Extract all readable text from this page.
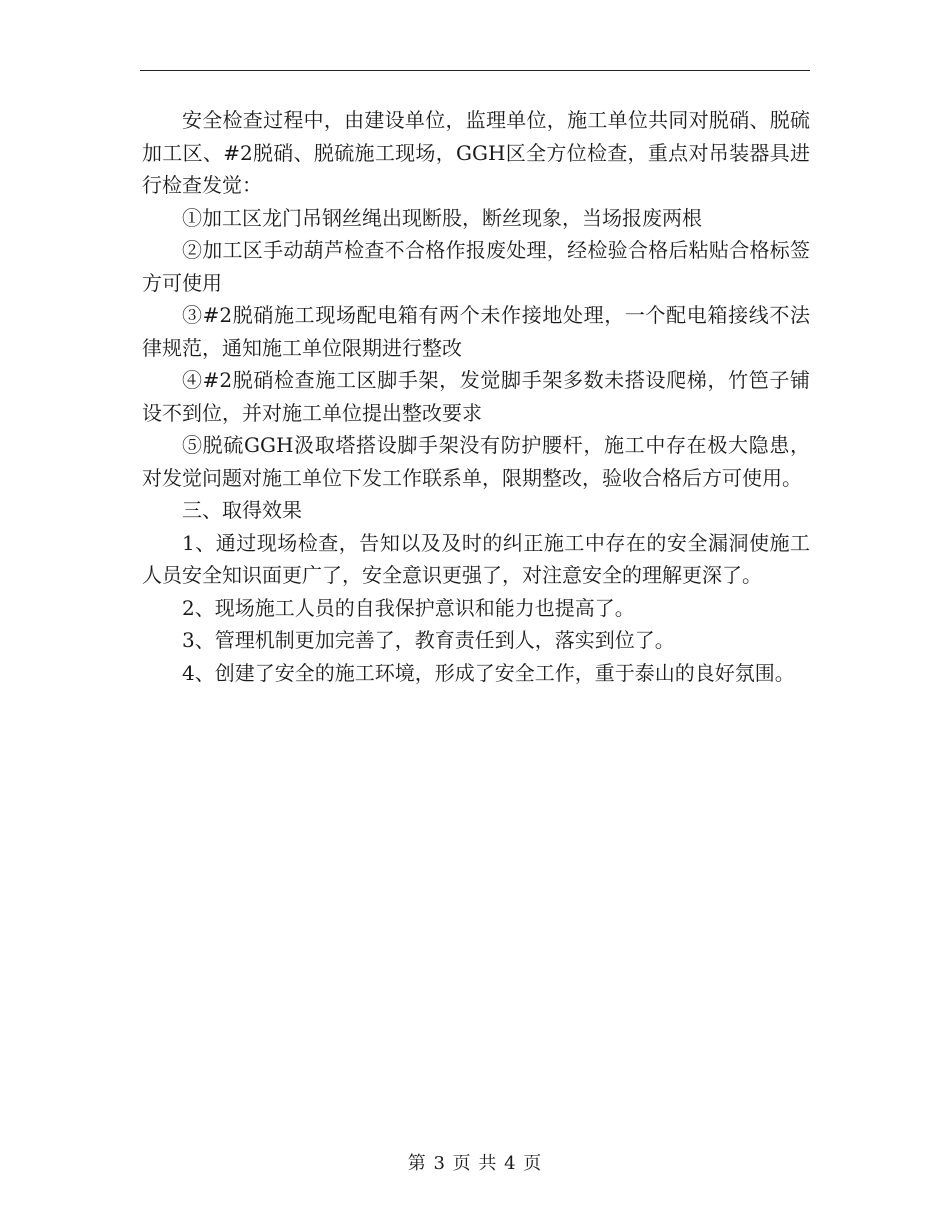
安全检查过程中，由建设单位，监理单位，施工单位共同对脱硝、脱硫加工区、#2脱硝、脱硫施工现场，GGH区全方位检查，重点对吊装器具进行检查发觉：

①加工区龙门吊钢丝绳出现断股，断丝现象，当场报废两根

②加工区手动葫芦检查不合格作报废处理，经检验合格后粘贴合格标签方可使用

③#2脱硝施工现场配电箱有两个未作接地处理，一个配电箱接线不法律规范，通知施工单位限期进行整改

④#2脱硝检查施工区脚手架，发觉脚手架多数未搭设爬梯，竹笆子铺设不到位，并对施工单位提出整改要求

⑤脱硫GGH汲取塔搭设脚手架没有防护腰杆，施工中存在极大隐患，对发觉问题对施工单位下发工作联系单，限期整改，验收合格后方可使用。

三、取得效果

1、通过现场检查，告知以及及时的纠正施工中存在的安全漏洞使施工人员安全知识面更广了，安全意识更强了，对注意安全的理解更深了。

2、现场施工人员的自我保护意识和能力也提高了。

3、管理机制更加完善了，教育责任到人，落实到位了。

4、创建了安全的施工环境，形成了安全工作，重于泰山的良好氛围。

第 3 页 共 4 页
